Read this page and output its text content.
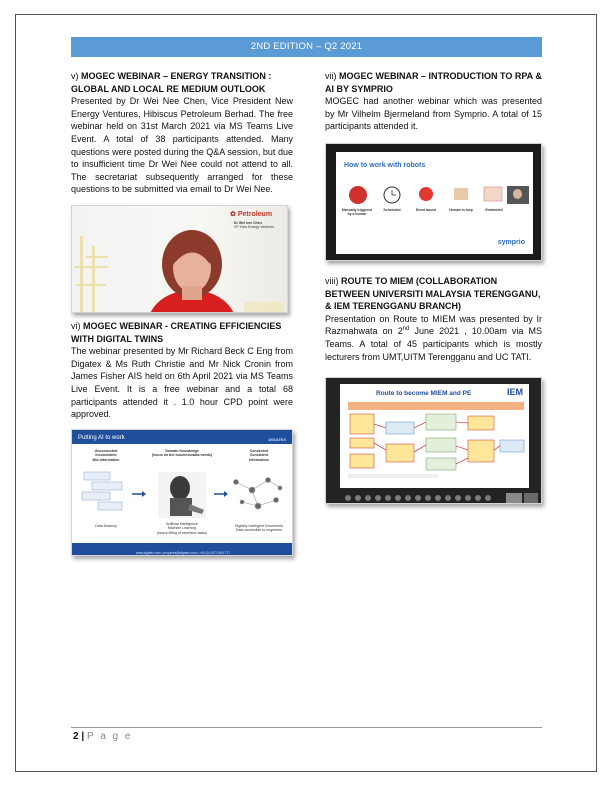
2ND EDITION – Q2 2021
v) MOGEC WEBINAR – ENERGY TRANSITION : GLOBAL AND LOCAL RE MEDIUM OUTLOOK

Presented by Dr Wei Nee Chen, Vice President New Energy Ventures, Hibiscus Petroleum Berhad. The free webinar held on 31st March 2021 via MS Teams Live Event. A total of 38 participants attended. Many questions were posted during the Q&A session, but due to insufficient time Dr Wei Nee could not attend to all. The secretariat subsequently arranged for these questions to be submitted via email to Dr Wei Nee.

✿ Petroleum
Dr Wei nee Chen
VP, New Energy Ventures
vi) MOGEC WEBINAR - CREATING EFFICIENCIES WITH DIGITAL TWINS

The webinar presented by Mr Richard Beck C Eng from Digatex & Ms Ruth Christie and Mr Nick Cronin from James Fisher AIS held on 6th April 2021 via MS Teams Live Event. It is a free webinar and a total 68 participants attended it . 1.0 hour CPD point were approved.

Putting AI to work	DIGATEX
Unconnected
Inconsistent
Mis-information
Domain Knowledge
(focus on the business/data needs)
Connected
Consistent
Information
Data Anarchy	Artificial Intelligence
Machine Learning
(heavy lifting of repetitive tasks)
Digitally Intelligent Documents
Data accessible to engineers
www.digatex.com | enquiries@digatex.com | +44 (0) 1872 554 777
vii) MOGEC WEBINAR – INTRODUCTION TO RPA & AI BY SYMPRIO

MOGEC had another webinar which was presented by Mr Vilhelm Bjermeland from Symprio. A total of 15 participants attended it.

How to work with robots
Manually triggered by a human
Scheduled	Event based	Human in loop	Embedded
symprio
viii) ROUTE TO MIEM (COLLABORATION BETWEEN UNIVERSITI MALAYSIA TERENGGANU, & IEM TERENGGANU BRANCH)

Presentation on Route to MIEM was presented by Ir Razmahwata on 2nd June 2021 , 10.00am via MS Teams. A total of 45 participants which is mostly lecturers from UMT,UITM Terengganu and UC TATI.

Route to become MIEM and PE	IEM
2 | P a g e
